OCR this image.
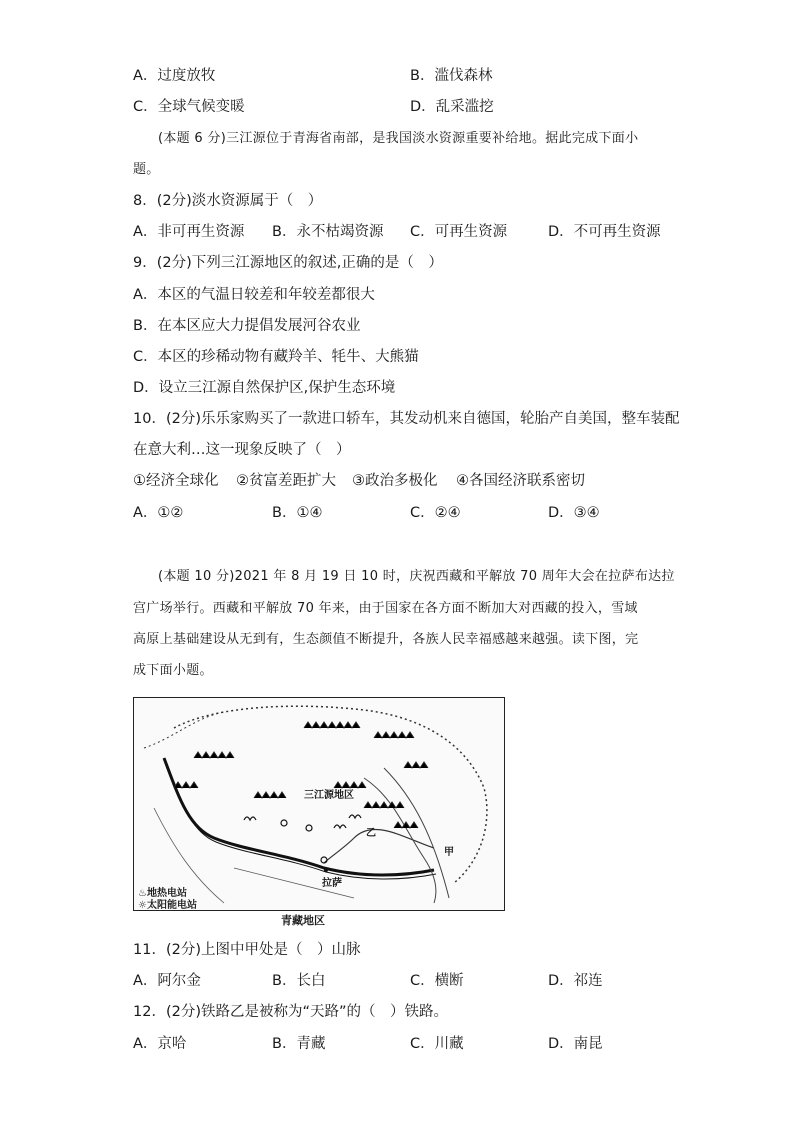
A．过度放牧	B．滥伐森林
C．全球气候变暖	D．乱采滥挖
(本题 6 分)三江源位于青海省南部，是我国淡水资源重要补给地。据此完成下面小
题。
8．(2分)淡水资源属于（　）
A．非可再生资源 B．永不枯竭资源 C．可再生资源	D．不可再生资源
9．(2分)下列三江源地区的叙述,正确的是（　）
A．本区的气温日较差和年较差都很大
B．在本区应大力提倡发展河谷农业
C．本区的珍稀动物有藏羚羊、牦牛、大熊猫
D．设立三江源自然保护区,保护生态环境
10．(2分)乐乐家购买了一款进口轿车，其发动机来自德国，轮胎产自美国，整车装配
在意大利…这一现象反映了（　）
①经济全球化 ②贫富差距扩大 ③政治多极化 ④各国经济联系密切
A．①②	B．①④	C．②④	D．③④
(本题 10 分)2021 年 8 月 19 日 10 时，庆祝西藏和平解放 70 周年大会在拉萨布达拉
宫广场举行。西藏和平解放 70 年来，由于国家在各方面不断加大对西藏的投入，雪域
高原上基础建设从无到有，生态颜值不断提升，各族人民幸福感越来越强。读下图，完
成下面小题。
三江源地区
拉萨
甲
乙
♨地热电站
☼太阳能电站
青藏地区
11．(2分)上图中甲处是（　）山脉
A．阿尔金	B．长白	C．横断	D．祁连
12．(2分)铁路乙是被称为“天路”的（　）铁路。
A．京哈	B．青藏	C．川藏	D．南昆
